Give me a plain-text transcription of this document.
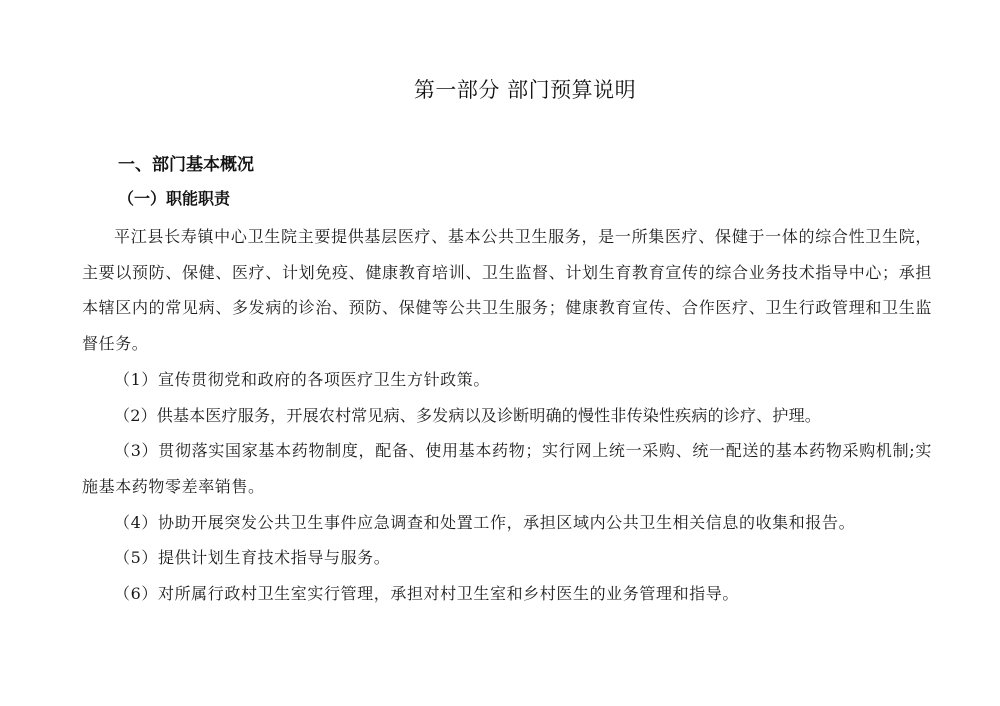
第一部分 部门预算说明
一、部门基本概况
（一）职能职责

平江县长寿镇中心卫生院主要提供基层医疗、基本公共卫生服务，是一所集医疗、保健于一体的综合性卫生院，主要以预防、保健、医疗、计划免疫、健康教育培训、卫生监督、计划生育教育宣传的综合业务技术指导中心；承担本辖区内的常见病、多发病的诊治、预防、保健等公共卫生服务；健康教育宣传、合作医疗、卫生行政管理和卫生监督任务。

（1）宣传贯彻党和政府的各项医疗卫生方针政策。

（2）供基本医疗服务，开展农村常见病、多发病以及诊断明确的慢性非传染性疾病的诊疗、护理。

（3）贯彻落实国家基本药物制度，配备、使用基本药物；实行网上统一采购、统一配送的基本药物采购机制;实施基本药物零差率销售。

（4）协助开展突发公共卫生事件应急调查和处置工作，承担区域内公共卫生相关信息的收集和报告。

（5）提供计划生育技术指导与服务。

（6）对所属行政村卫生室实行管理，承担对村卫生室和乡村医生的业务管理和指导。
